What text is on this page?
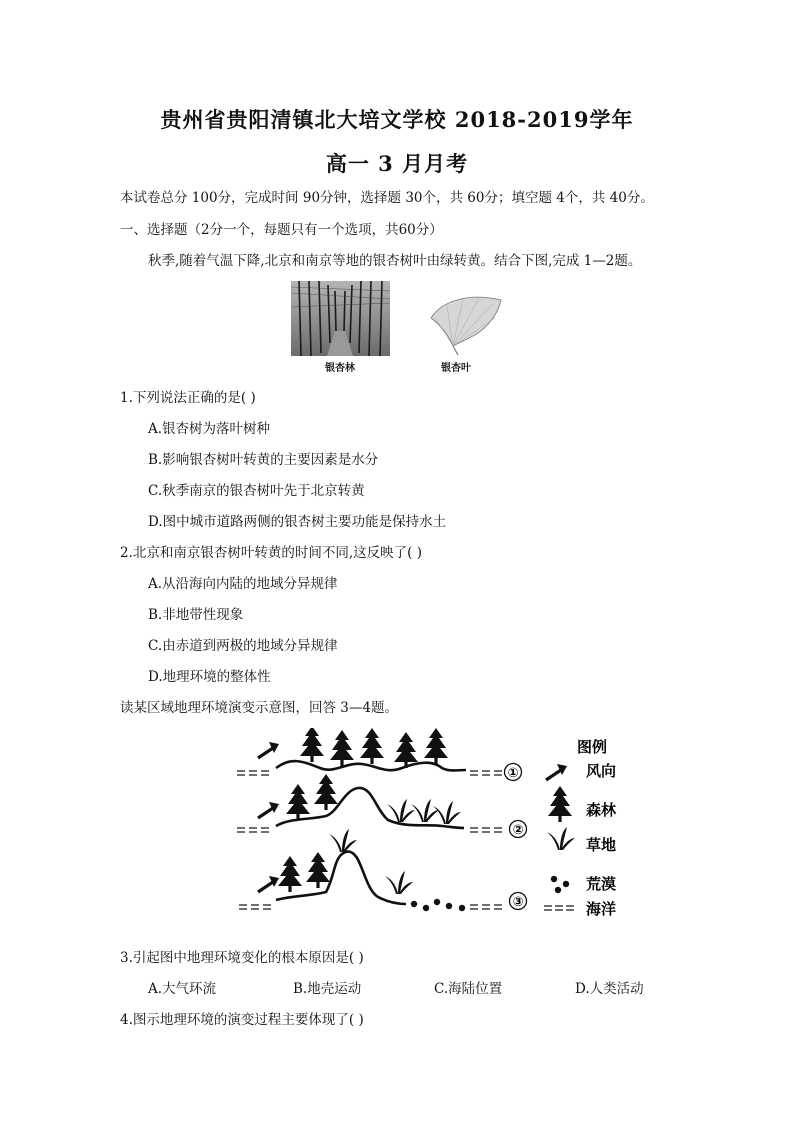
贵州省贵阳清镇北大培文学校 2018-2019学年
高一 3 月月考
本试卷总分 100分，完成时间 90分钟，选择题 30个，共 60分；填空题 4个，共 40分。
一、选择题（2分一个，每题只有一个选项，共60分）
秋季,随着气温下降,北京和南京等地的银杏树叶由绿转黄。结合下图,完成 1—2题。
银杏林	银杏叶
1.下列说法正确的是( )
A.银杏树为落叶树种
B.影响银杏树叶转黄的主要因素是水分
C.秋季南京的银杏树叶先于北京转黄
D.图中城市道路两侧的银杏树主要功能是保持水土
2.北京和南京银杏树叶转黄的时间不同,这反映了( )
A.从沿海向内陆的地域分异规律
B.非地带性现象
C.由赤道到两极的地域分异规律
D.地理环境的整体性
读某区域地理环境演变示意图，回答 3—4题。
①
②
③
图例
风向
森林
草地
荒漠
海洋
3.引起图中地理环境变化的根本原因是( )
A.大气环流	B.地壳运动	C.海陆位置	D.人类活动
4.图示地理环境的演变过程主要体现了( )
